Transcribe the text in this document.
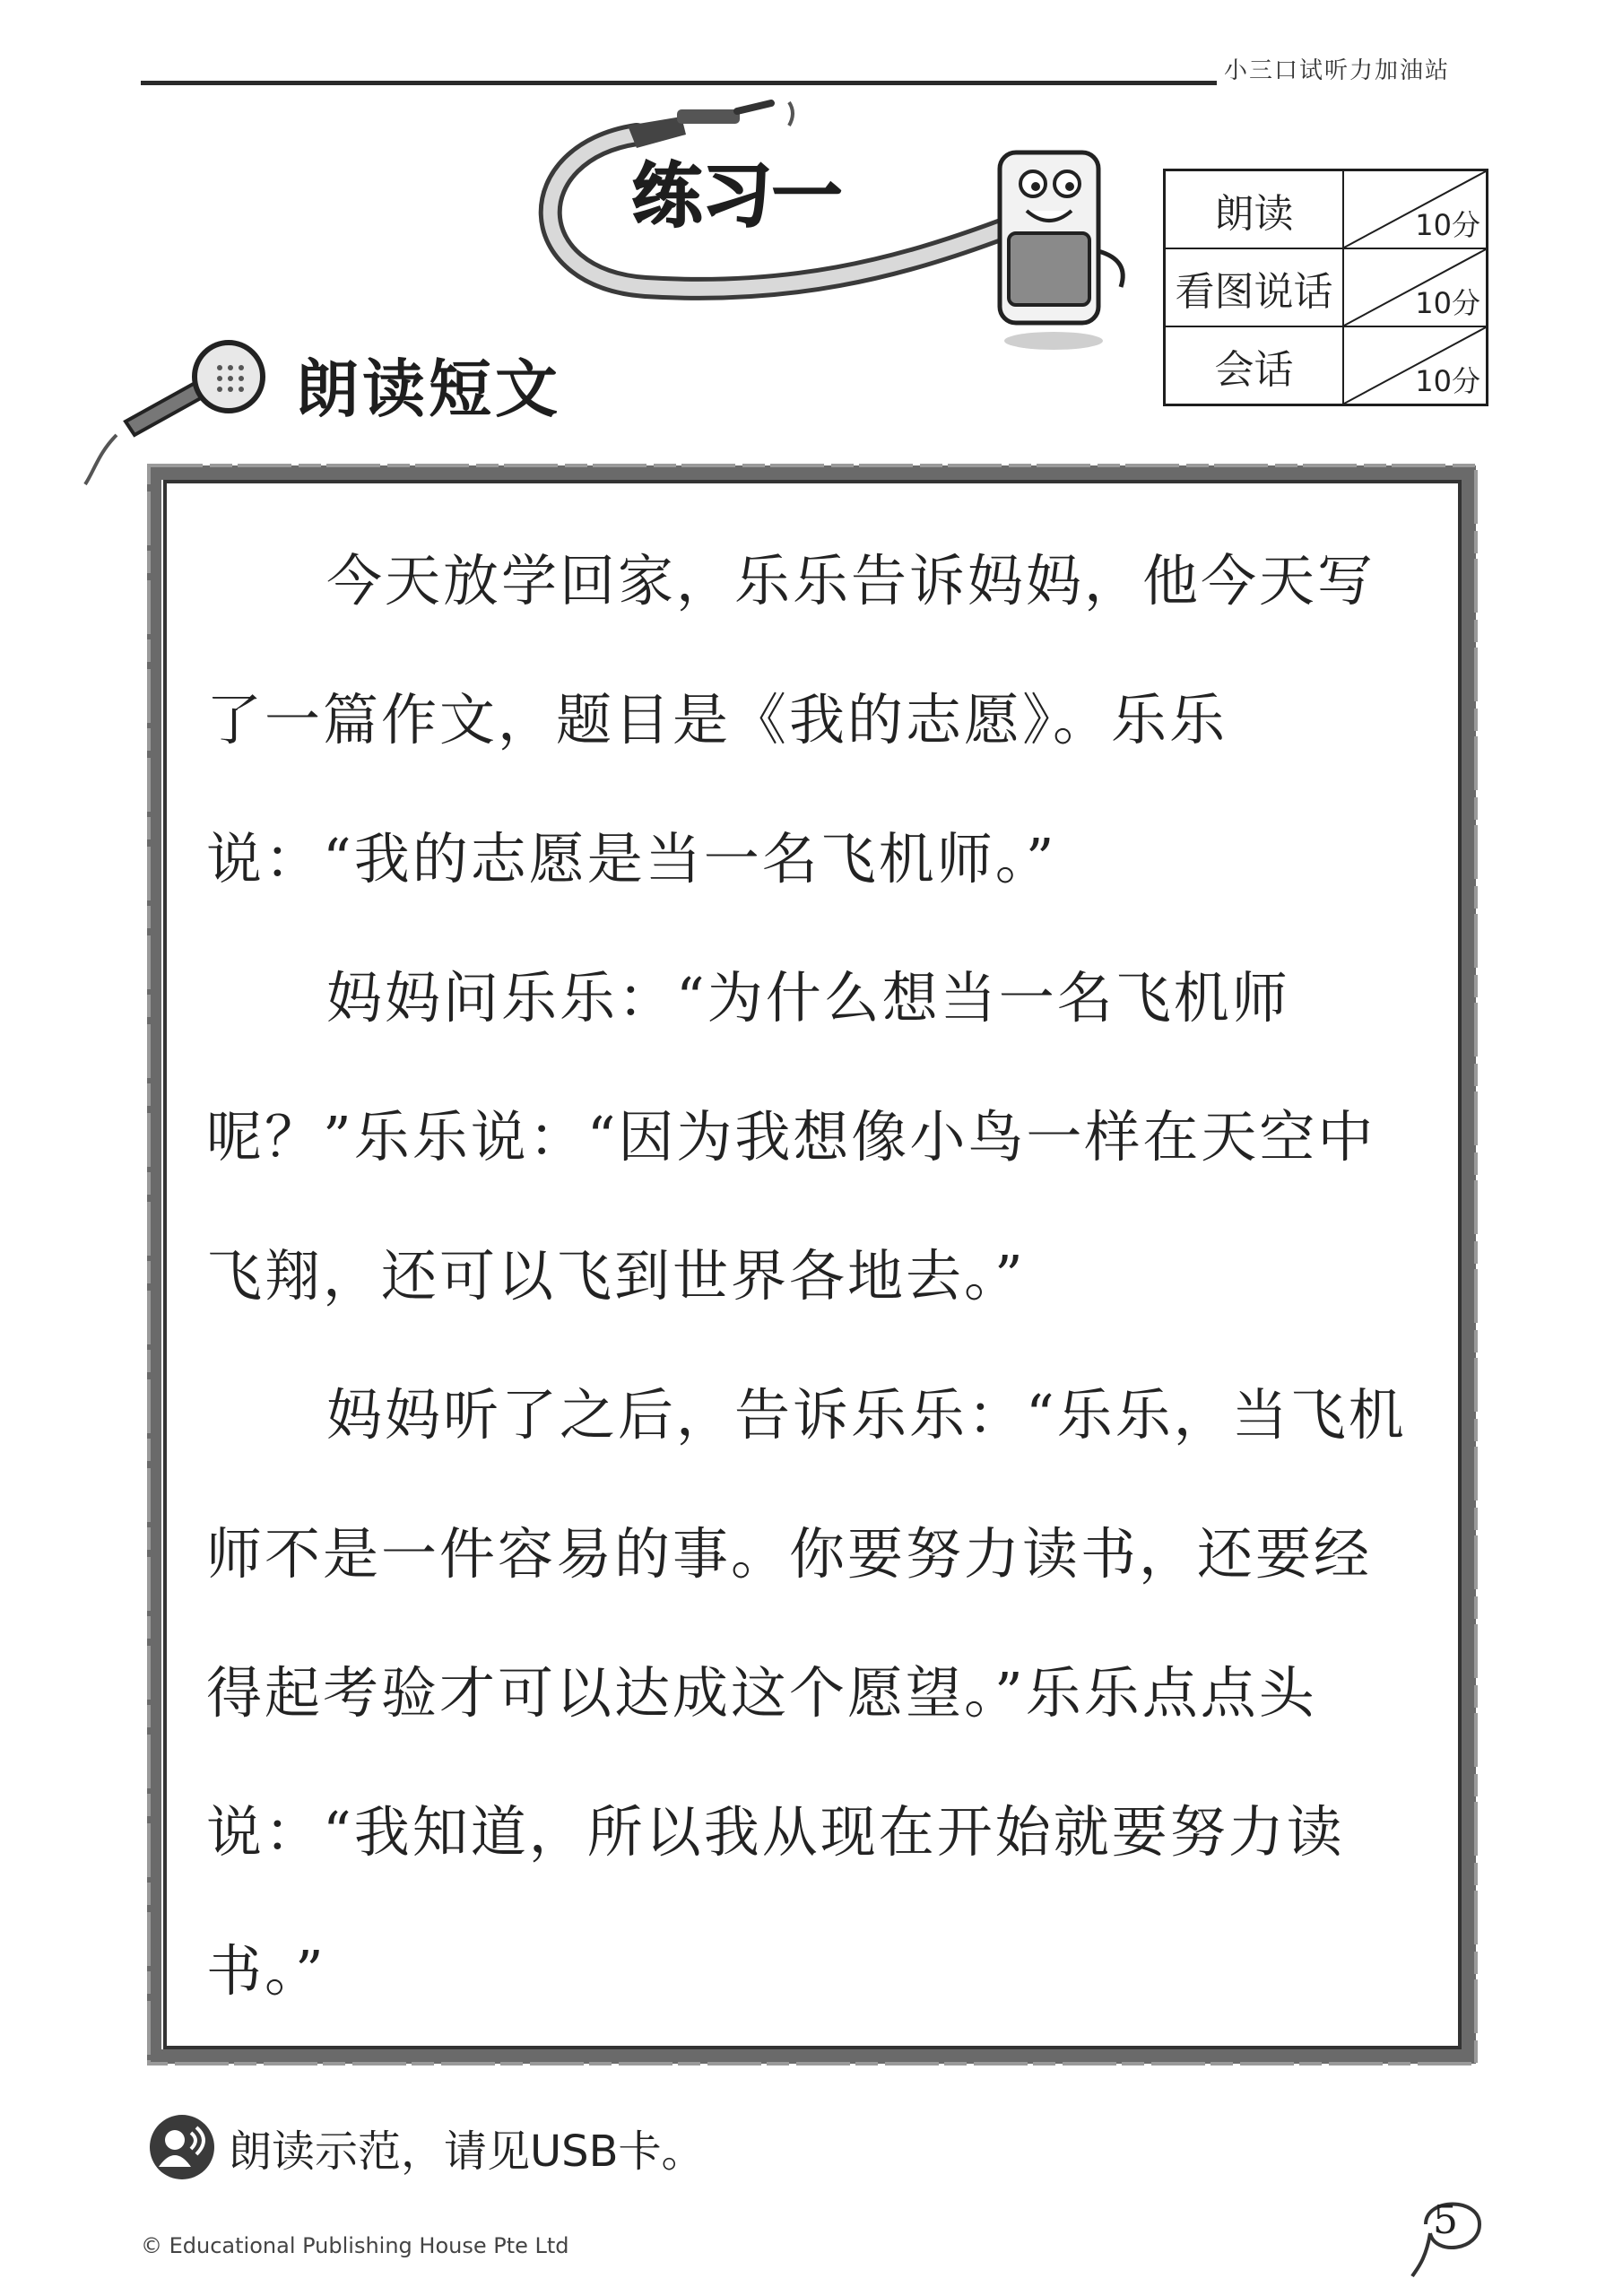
小三口试听力加油站
练习一	朗读	10分

看图说话	10分

会话	10分
朗读短文

今天放学回家，乐乐告诉妈妈，他今天写了一篇作文，题目是《我的志愿》。乐乐说：“我的志愿是当一名飞机师。”

妈妈问乐乐：“为什么想当一名飞机师呢？”乐乐说：“因为我想像小鸟一样在天空中飞翔，还可以飞到世界各地去。”

妈妈听了之后，告诉乐乐：“乐乐，当飞机师不是一件容易的事。你要努力读书，还要经得起考验才可以达成这个愿望。”乐乐点点头说：“我知道，所以我从现在开始就要努力读书。”

朗读示范，请见USB卡。
© Educational Publishing House Pte Ltd
5
